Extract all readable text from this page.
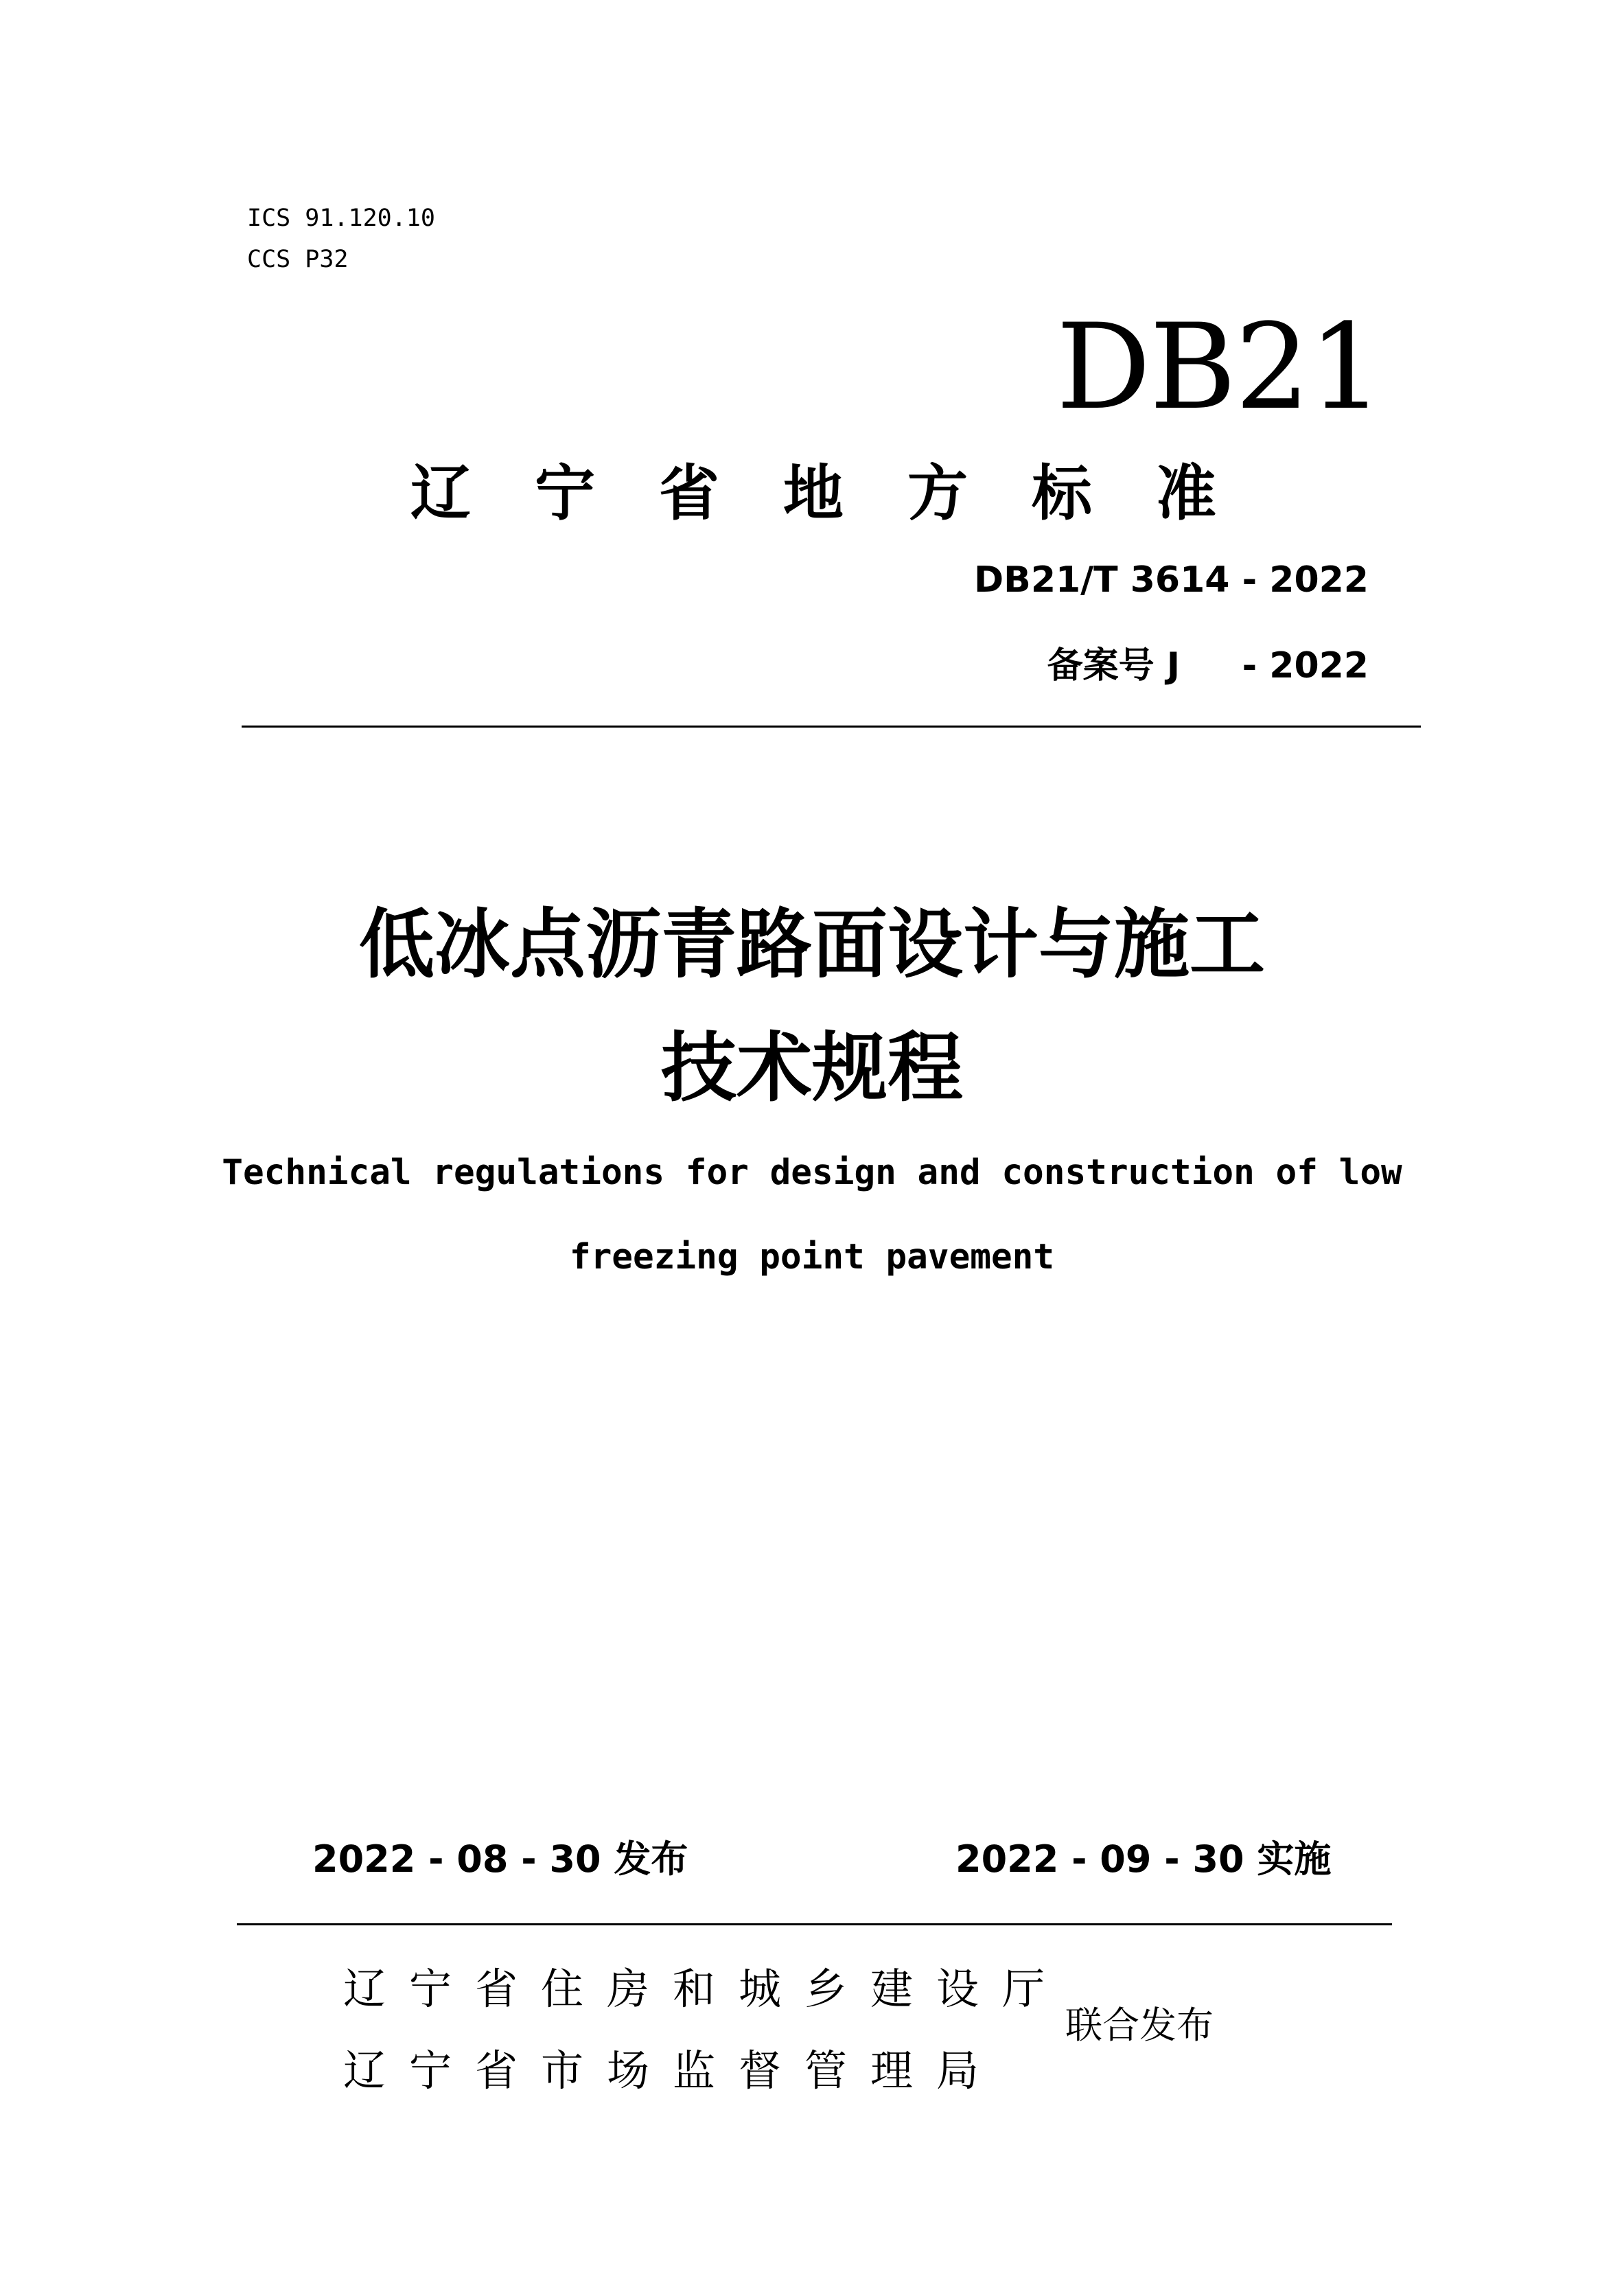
ICS 91.120.10
CCS P32
DB21
辽宁省地方标准
DB21/T 3614 - 2022
备案号 J     - 2022
低冰点沥青路面设计与施工
技术规程
Technical regulations for design and construction of low
freezing point pavement
2022 - 08 - 30 发布	2022 - 09 - 30 实施
辽宁省住房和城乡建设厅
辽宁省市场监督管理局
联合发布
